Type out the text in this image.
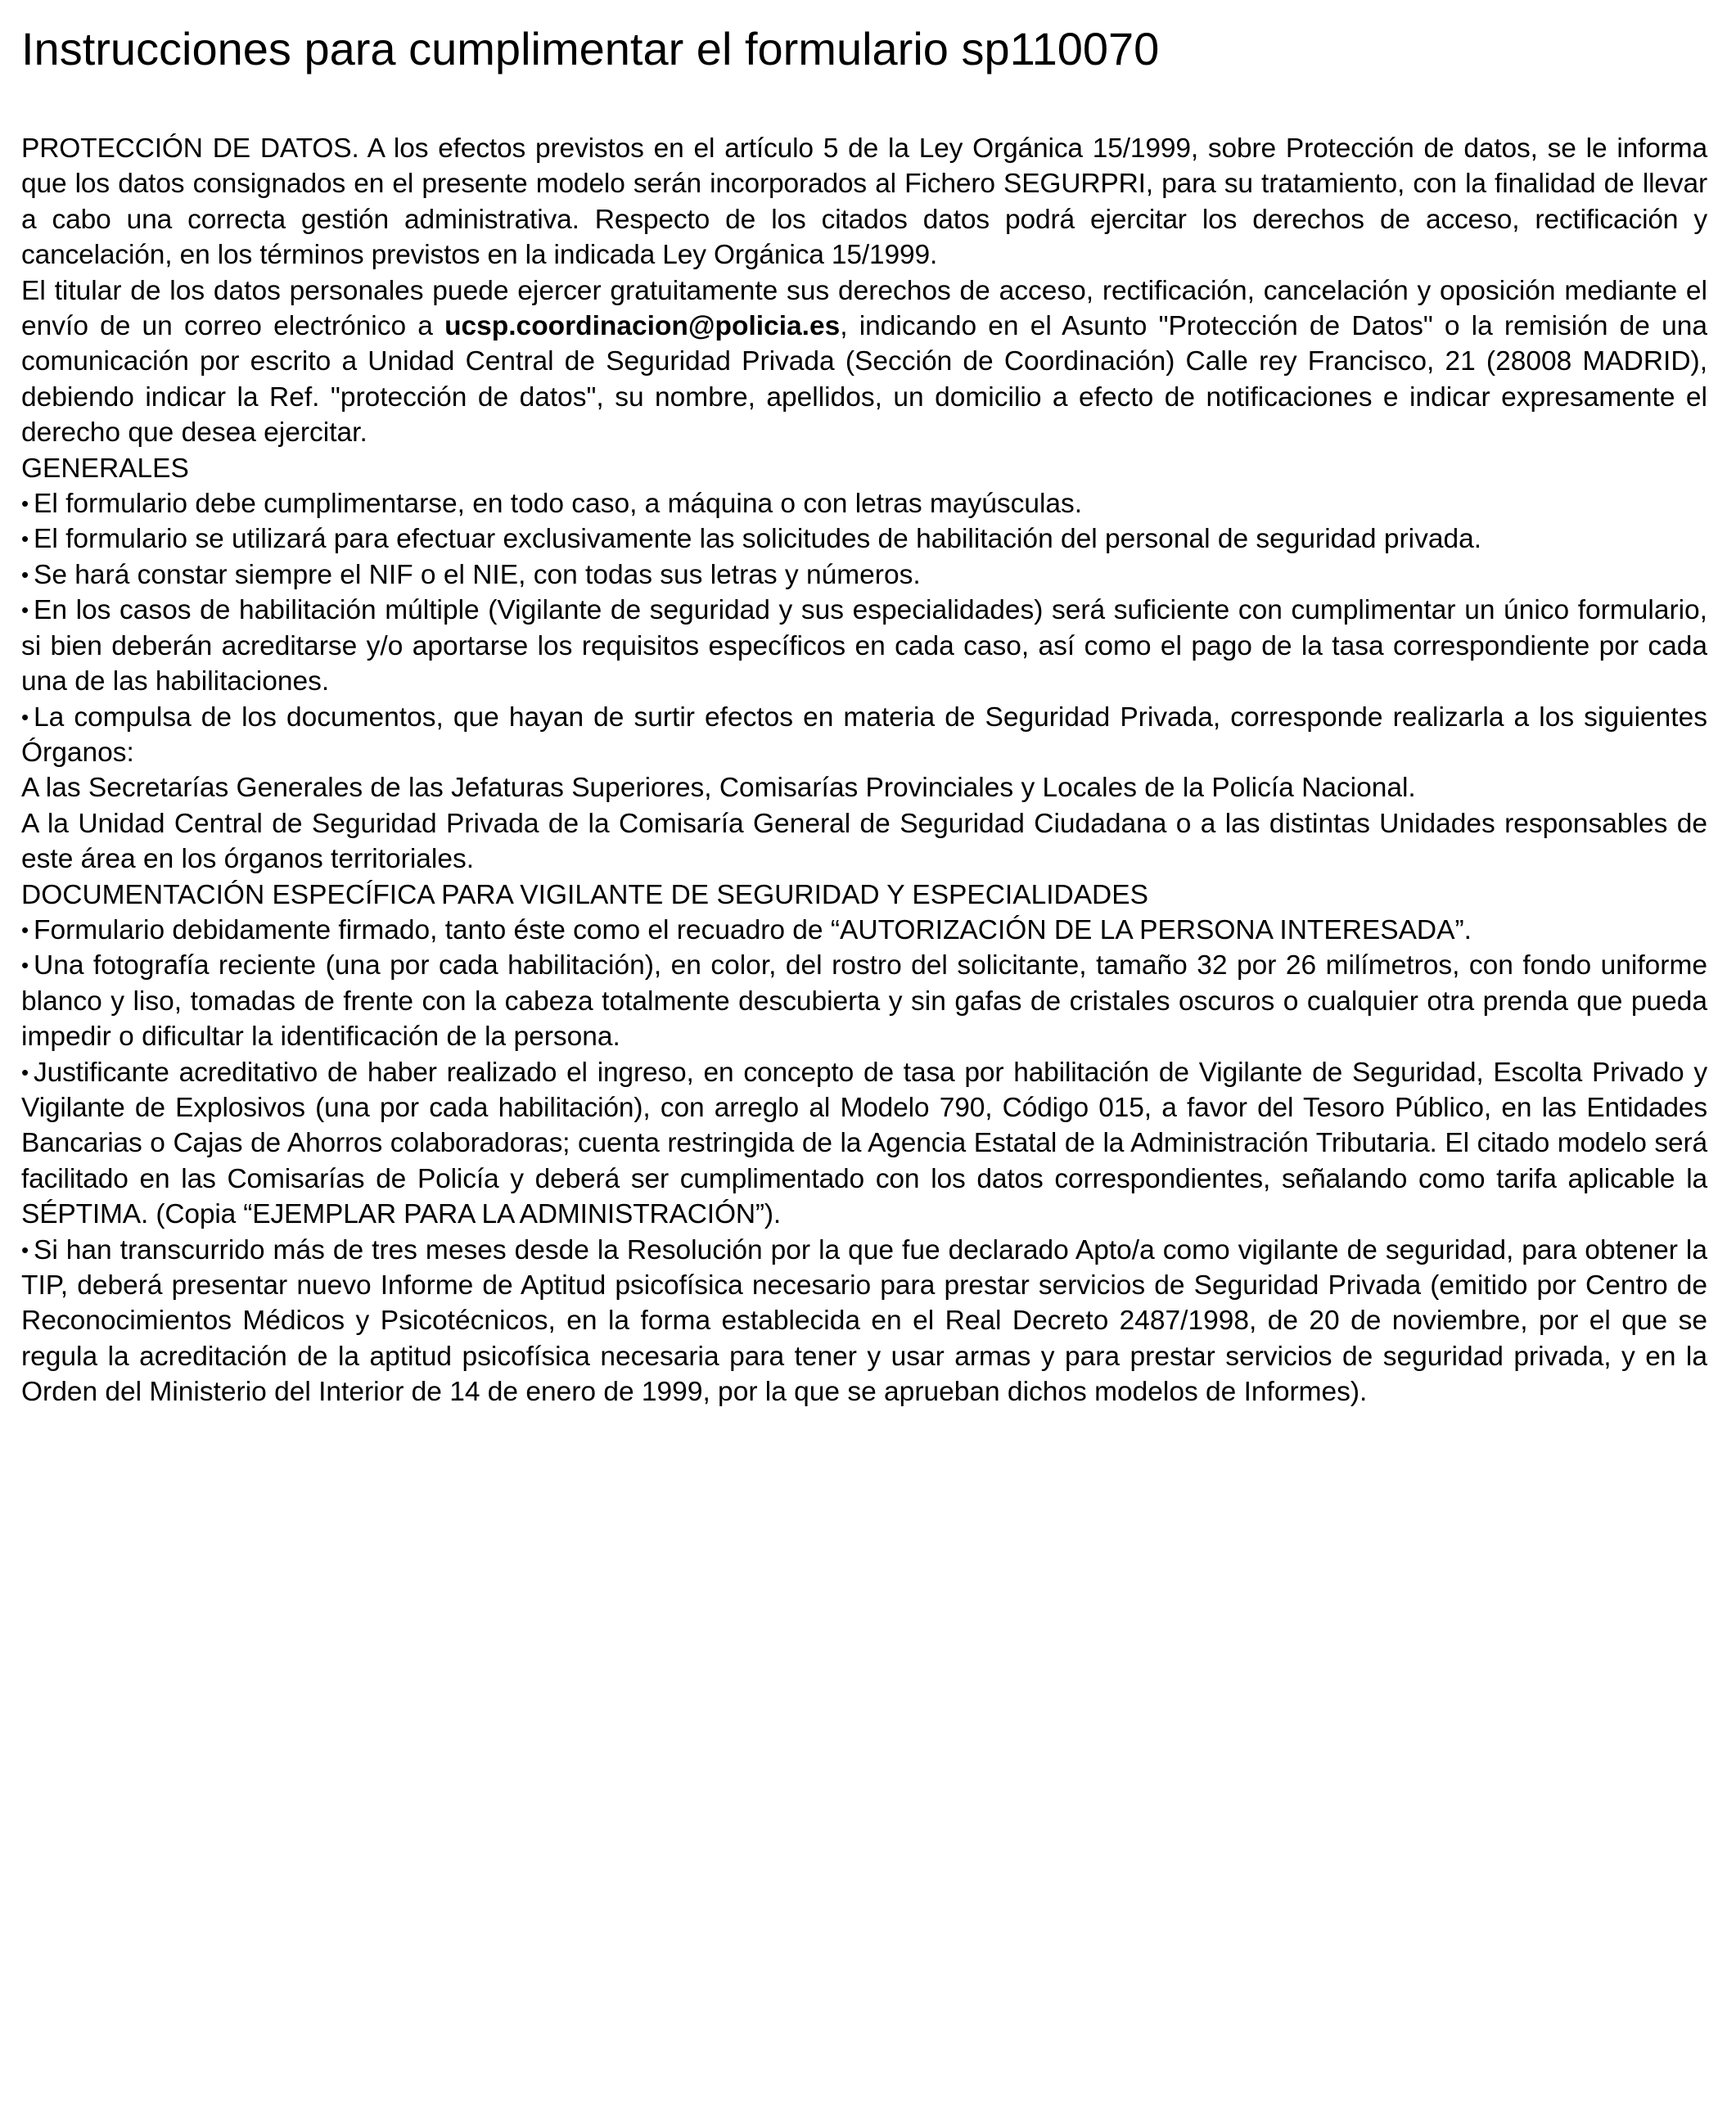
Instrucciones para cumplimentar el formulario sp110070

PROTECCIÓN DE DATOS. A los efectos previstos en el artículo 5 de la Ley Orgánica 15/1999, sobre Protección de datos, se le informa que los datos consignados en el presente modelo serán incorporados al Fichero SEGURPRI, para su tratamiento, con la finalidad de llevar a cabo una correcta gestión administrativa. Respecto de los citados datos podrá ejercitar los derechos de acceso, rectificación y cancelación, en los términos previstos en la indicada Ley Orgánica 15/1999.

El titular de los datos personales puede ejercer gratuitamente sus derechos de acceso, rectificación, cancelación y oposición mediante el envío de un correo electrónico a ucsp.coordinacion@policia.es, indicando en el Asunto "Protección de Datos" o la remisión de una comunicación por escrito a Unidad Central de Seguridad Privada (Sección de Coordinación) Calle rey Francisco, 21 (28008 MADRID), debiendo indicar la Ref. "protección de datos", su nombre, apellidos, un domicilio a efecto de notificaciones e indicar expresamente el derecho que desea ejercitar.

GENERALES

• El formulario debe cumplimentarse, en todo caso, a máquina o con letras mayúsculas.

• El formulario se utilizará para efectuar exclusivamente las solicitudes de habilitación del personal de seguridad privada.

• Se hará constar siempre el NIF o el NIE, con todas sus letras y números.

• En los casos de habilitación múltiple (Vigilante de seguridad y sus especialidades) será suficiente con cumplimentar un único formulario, si bien deberán acreditarse y/o aportarse los requisitos específicos en cada caso, así como el pago de la tasa correspondiente por cada una de las habilitaciones.

• La compulsa de los documentos, que hayan de surtir efectos en materia de Seguridad Privada, corresponde realizarla a los siguientes Órganos:

A las Secretarías Generales de las Jefaturas Superiores, Comisarías Provinciales y Locales de la Policía Nacional.

A la Unidad Central de Seguridad Privada de la Comisaría General de Seguridad Ciudadana o a las distintas Unidades responsables de este área en los órganos territoriales.

DOCUMENTACIÓN ESPECÍFICA PARA VIGILANTE DE SEGURIDAD Y ESPECIALIDADES

• Formulario debidamente firmado, tanto éste como el recuadro de “AUTORIZACIÓN DE LA PERSONA INTERESADA”.

• Una fotografía reciente (una por cada habilitación), en color, del rostro del solicitante, tamaño 32 por 26 milímetros, con fondo uniforme blanco y liso, tomadas de frente con la cabeza totalmente descubierta y sin gafas de cristales oscuros o cualquier otra prenda que pueda impedir o dificultar la identificación de la persona.

• Justificante acreditativo de haber realizado el ingreso, en concepto de tasa por habilitación de Vigilante de Seguridad, Escolta Privado y Vigilante de Explosivos (una por cada habilitación), con arreglo al Modelo 790, Código 015, a favor del Tesoro Público, en las Entidades Bancarias o Cajas de Ahorros colaboradoras; cuenta restringida de la Agencia Estatal de la Administración Tributaria. El citado modelo será facilitado en las Comisarías de Policía y deberá ser cumplimentado con los datos correspondientes, señalando como tarifa aplicable la SÉPTIMA. (Copia “EJEMPLAR PARA LA ADMINISTRACIÓN”).

• Si han transcurrido más de tres meses desde la Resolución por la que fue declarado Apto/a como vigilante de seguridad, para obtener la TIP, deberá presentar nuevo Informe de Aptitud psicofísica necesario para prestar servicios de Seguridad Privada (emitido por Centro de Reconocimientos Médicos y Psicotécnicos, en la forma establecida en el Real Decreto 2487/1998, de 20 de noviembre, por el que se regula la acreditación de la aptitud psicofísica necesaria para tener y usar armas y para prestar servicios de seguridad privada, y en la Orden del Ministerio del Interior de 14 de enero de 1999, por la que se aprueban dichos modelos de Informes).
